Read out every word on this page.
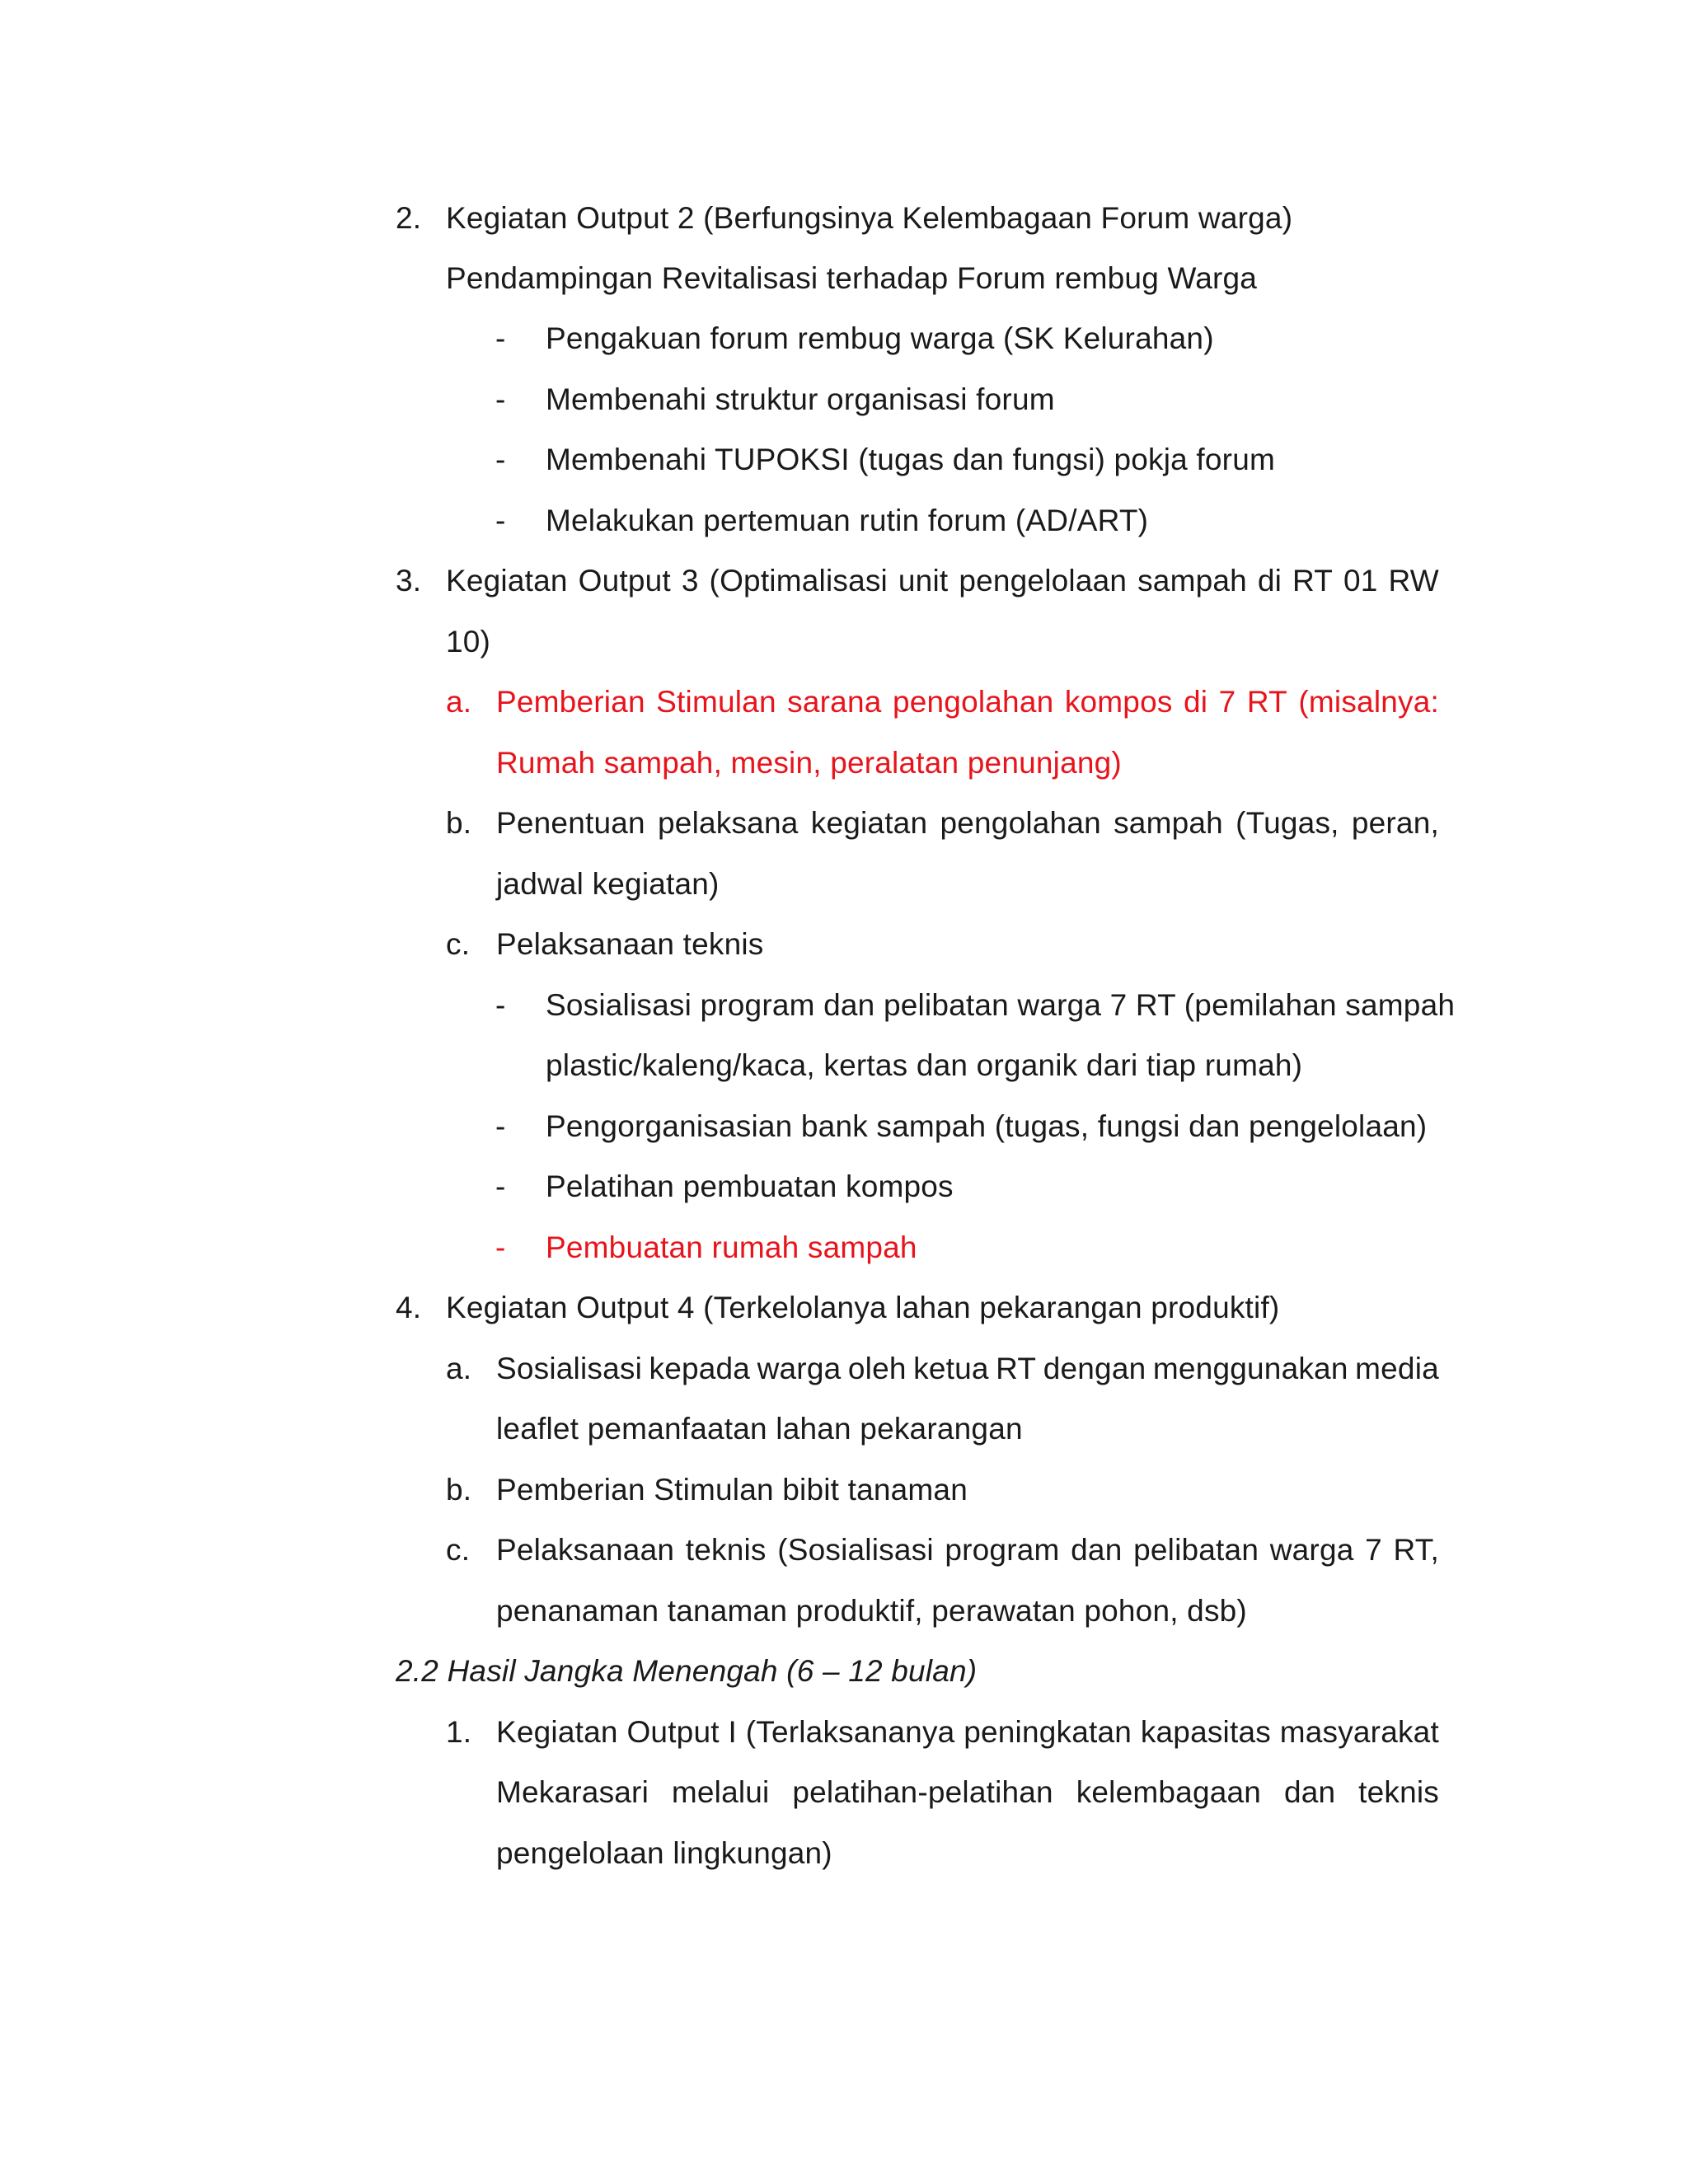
2. Kegiatan Output 2 (Berfungsinya Kelembagaan Forum warga)
Pendampingan Revitalisasi terhadap Forum rembug Warga
- Pengakuan forum rembug warga (SK Kelurahan)
- Membenahi struktur organisasi forum
- Membenahi TUPOKSI (tugas dan fungsi) pokja forum
- Melakukan pertemuan rutin forum (AD/ART)
3. Kegiatan Output 3 (Optimalisasi unit pengelolaan sampah di RT 01 RW
10)
a. Pemberian Stimulan sarana pengolahan kompos di 7 RT (misalnya:
Rumah sampah, mesin, peralatan penunjang)
b. Penentuan pelaksana kegiatan pengolahan sampah (Tugas, peran,
jadwal kegiatan)
c. Pelaksanaan teknis
- Sosialisasi program dan pelibatan warga 7 RT (pemilahan sampah
plastic/kaleng/kaca, kertas dan organik dari tiap rumah)
- Pengorganisasian bank sampah (tugas, fungsi dan pengelolaan)
- Pelatihan pembuatan kompos
- Pembuatan rumah sampah
4. Kegiatan Output 4 (Terkelolanya lahan pekarangan produktif)
a. Sosialisasi kepada warga oleh ketua RT dengan menggunakan media
leaflet pemanfaatan lahan pekarangan
b. Pemberian Stimulan bibit tanaman
c. Pelaksanaan teknis (Sosialisasi program dan pelibatan warga 7 RT,
penanaman tanaman produktif, perawatan pohon, dsb)
2.2 Hasil Jangka Menengah (6 – 12 bulan)
1. Kegiatan Output I (Terlaksananya peningkatan kapasitas masyarakat
Mekarasari melalui pelatihan-pelatihan kelembagaan dan teknis
pengelolaan lingkungan)
